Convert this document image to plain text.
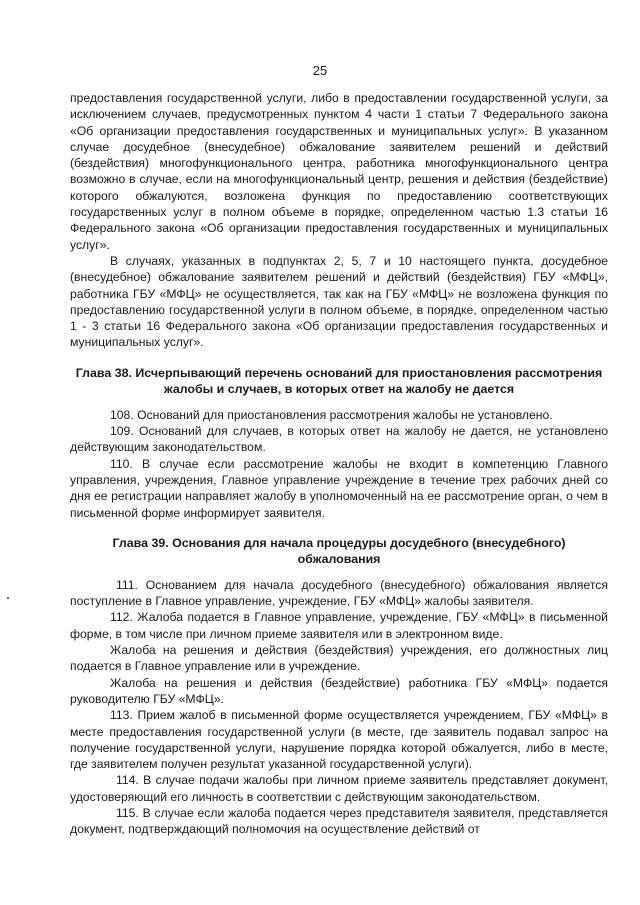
25

предоставления государственной услуги, либо в предоставлении государственной услуги, за исключением случаев, предусмотренных пунктом 4 части 1 статьи 7 Федерального закона «Об организации предоставления государственных и муниципальных услуг». В указанном случае досудебное (внесудебное) обжалование заявителем решений и действий (бездействия) многофункционального центра, работника многофункционального центра возможно в случае, если на многофункциональный центр, решения и действия (бездействие) которого обжалуются, возложена функция по предоставлению соответствующих государственных услуг в полном объеме в порядке, определенном частью 1.3 статьи 16 Федерального закона «Об организации предоставления государственных и муниципальных услуг».

В случаях, указанных в подпунктах 2, 5, 7 и 10 настоящего пункта, досудебное (внесудебное) обжалование заявителем решений и действий (бездействия) ГБУ «МФЦ», работника ГБУ «МФЦ» не осуществляется, так как на ГБУ «МФЦ» не возложена функция по предоставлению государственной услуги в полном объеме, в порядке, определенном частью 1 - 3 статьи 16 Федерального закона «Об организации предоставления государственных и муниципальных услуг».

Глава 38. Исчерпывающий перечень оснований для приостановления рассмотрения жалобы и случаев, в которых ответ на жалобу не дается

108. Оснований для приостановления рассмотрения жалобы не установлено.

109. Оснований для случаев, в которых ответ на жалобу не дается, не установлено действующим законодательством.

110. В случае если рассмотрение жалобы не входит в компетенцию Главного управления, учреждения, Главное управление учреждение в течение трех рабочих дней со дня ее регистрации направляет жалобу в уполномоченный на ее рассмотрение орган, о чем в письменной форме информирует заявителя.

Глава 39. Основания для начала процедуры досудебного (внесудебного) обжалования

111. Основанием для начала досудебного (внесудебного) обжалования является поступление в Главное управление, учреждение, ГБУ «МФЦ» жалобы заявителя.

112. Жалоба подается в Главное управление, учреждение, ГБУ «МФЦ» в письменной форме, в том числе при личном приеме заявителя или в электронном виде.

Жалоба на решения и действия (бездействия) учреждения, его должностных лиц подается в Главное управление или в учреждение.

Жалоба на решения и действия (бездействие) работника ГБУ «МФЦ» подается руководителю ГБУ «МФЦ».

113. Прием жалоб в письменной форме осуществляется учреждением, ГБУ «МФЦ» в месте предоставления государственной услуги (в месте, где заявитель подавал запрос на получение государственной услуги, нарушение порядка которой обжалуется, либо в месте, где заявителем получен результат указанной государственной услуги).

114. В случае подачи жалобы при личном приеме заявитель представляет документ, удостоверяющий его личность в соответствии с действующим законодательством.

115. В случае если жалоба подается через представителя заявителя, представляется документ, подтверждающий полномочия на осуществление действий от
